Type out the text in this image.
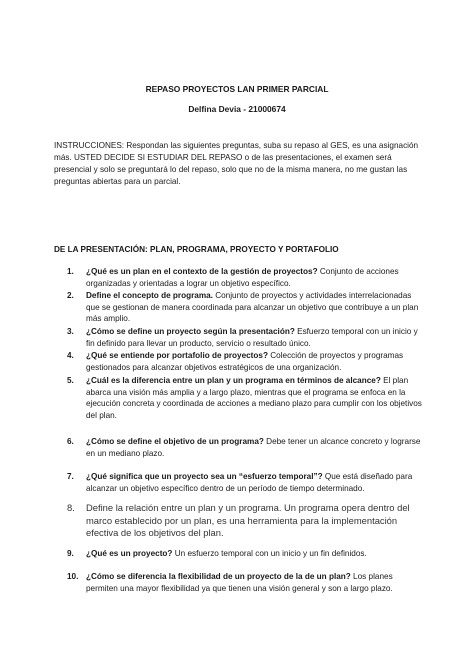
REPASO PROYECTOS LAN PRIMER PARCIAL
Delfina Devia - 21000674
INSTRUCCIONES: Respondan las siguientes preguntas, suba su repaso al GES, es una asignación más. USTED DECIDE SI ESTUDIAR DEL REPASO o de las presentaciones, el examen será presencial y solo se preguntará lo del repaso, solo que no de la misma manera, no me gustan las preguntas abiertas para un parcial.
DE LA PRESENTACIÓN: PLAN, PROGRAMA, PROYECTO Y PORTAFOLIO
1. ¿Qué es un plan en el contexto de la gestión de proyectos? Conjunto de acciones organizadas y orientadas a lograr un objetivo específico.
2. Define el concepto de programa. Conjunto de proyectos y actividades interrelacionadas que se gestionan de manera coordinada para alcanzar un objetivo que contribuye a un plan más amplio.
3. ¿Cómo se define un proyecto según la presentación? Esfuerzo temporal con un inicio y fin definido para llevar un producto, servicio o resultado único.
4. ¿Qué se entiende por portafolio de proyectos? Colección de proyectos y programas gestionados para alcanzar objetivos estratégicos de una organización.
5. ¿Cuál es la diferencia entre un plan y un programa en términos de alcance? El plan abarca una visión más amplia y a largo plazo, mientras que el programa se enfoca en la ejecución concreta y coordinada de acciones a mediano plazo para cumplir con los objetivos del plan.
6. ¿Cómo se define el objetivo de un programa? Debe tener un alcance concreto y lograrse en un mediano plazo.
7. ¿Qué significa que un proyecto sea un “esfuerzo temporal”? Que está diseñado para alcanzar un objetivo específico dentro de un período de tiempo determinado.
8. Define la relación entre un plan y un programa. Un programa opera dentro del marco establecido por un plan, es una herramienta para la implementación efectiva de los objetivos del plan.
9. ¿Qué es un proyecto? Un esfuerzo temporal con un inicio y un fin definidos.
10. ¿Cómo se diferencia la flexibilidad de un proyecto de la de un plan? Los planes permiten una mayor flexibilidad ya que tienen una visión general y son a largo plazo.
